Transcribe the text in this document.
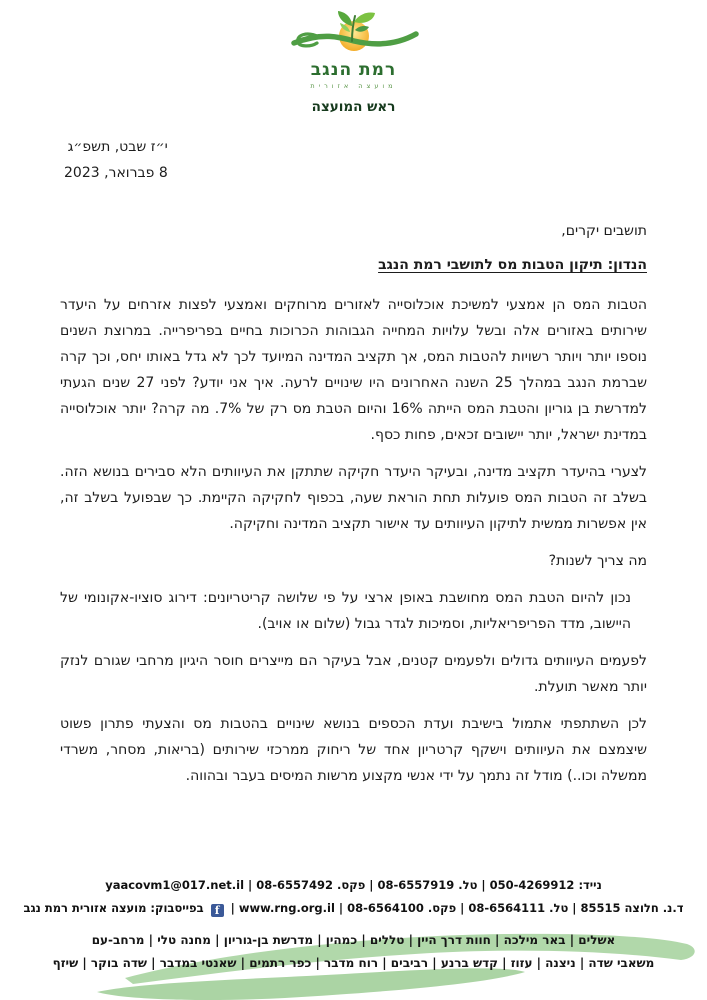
רמת הנגב
מועצה אזורית
ראש המועצה
י״ז שבט, תשפ״ג
8 פברואר, 2023

תושבים יקרים,

הנדון: תיקון הטבות מס לתושבי רמת הנגב

הטבות המס הן אמצעי למשיכת אוכלוסייה לאזורים מרוחקים ואמצעי לפצות אזרחים על היעדר שירותים באזורים אלה ובשל עלויות המחייה הגבוהות הכרוכות בחיים בפריפרייה. במרוצת השנים נוספו יותר ויותר רשויות להטבות המס, אך תקציב המדינה המיועד לכך לא גדל באותו יחס, וכך קרה שברמת הנגב במהלך 25 השנה האחרונים היו שינויים לרעה. איך אני יודע? לפני 27 שנים הגעתי למדרשת בן גוריון והטבת המס הייתה 16% והיום הטבת מס רק של 7%. מה קרה? יותר אוכלוסייה במדינת ישראל, יותר יישובים זכאים, פחות כסף.

לצערי בהיעדר תקציב מדינה, ובעיקר היעדר חקיקה שתתקן את העיוותים הלא סבירים בנושא הזה. בשלב זה הטבות המס פועלות תחת הוראת שעה, בכפוף לחקיקה הקיימת. כך שבפועל בשלב זה, אין אפשרות ממשית לתיקון העיוותים עד אישור תקציב המדינה וחקיקה.

מה צריך לשנות?

נכון להיום הטבת המס מחושבת באופן ארצי על פי שלושה קריטריונים: דירוג סוציו-אקונומי של היישוב, מדד הפריפריאליות, וסמיכות לגדר גבול (שלום או אויב).

לפעמים העיוותים גדולים ולפעמים קטנים, אבל בעיקר הם מייצרים חוסר היגיון מרחבי שגורם לנזק יותר מאשר תועלת.

לכן השתתפתי אתמול בישיבת ועדת הכספים בנושא שינויים בהטבות מס והצעתי פתרון פשוט שיצמצם את העיוותים וישקף קרטריון אחד של ריחוק ממרכזי שירותים (בריאות, מסחר, משרדי ממשלה וכו..) מודל זה נתמך על ידי אנשי מקצוע מרשות המיסים בעבר ובהווה.

נייד: 050-4269912 | טל. 08-6557919 | פקס. 08-6557492 | yaacovm1@017.net.il
ד.נ. חלוצה 85515 | טל. 08-6564111 | פקס. 08-6564100 | www.rng.org.il | f בפייסבוק: מועצה אזורית רמת נגב
אשלים | באר מילכה | חוות דרך היין | טללים | כמהין | מדרשת בן-גוריון | מחנה טלי | מרחב-עם
משאבי שדה | ניצנה | עזוז | קדש ברנע | רביבים | רוח מדבר | כפר רתמים | שאנטי במדבר | שדה בוקר | שיזף
